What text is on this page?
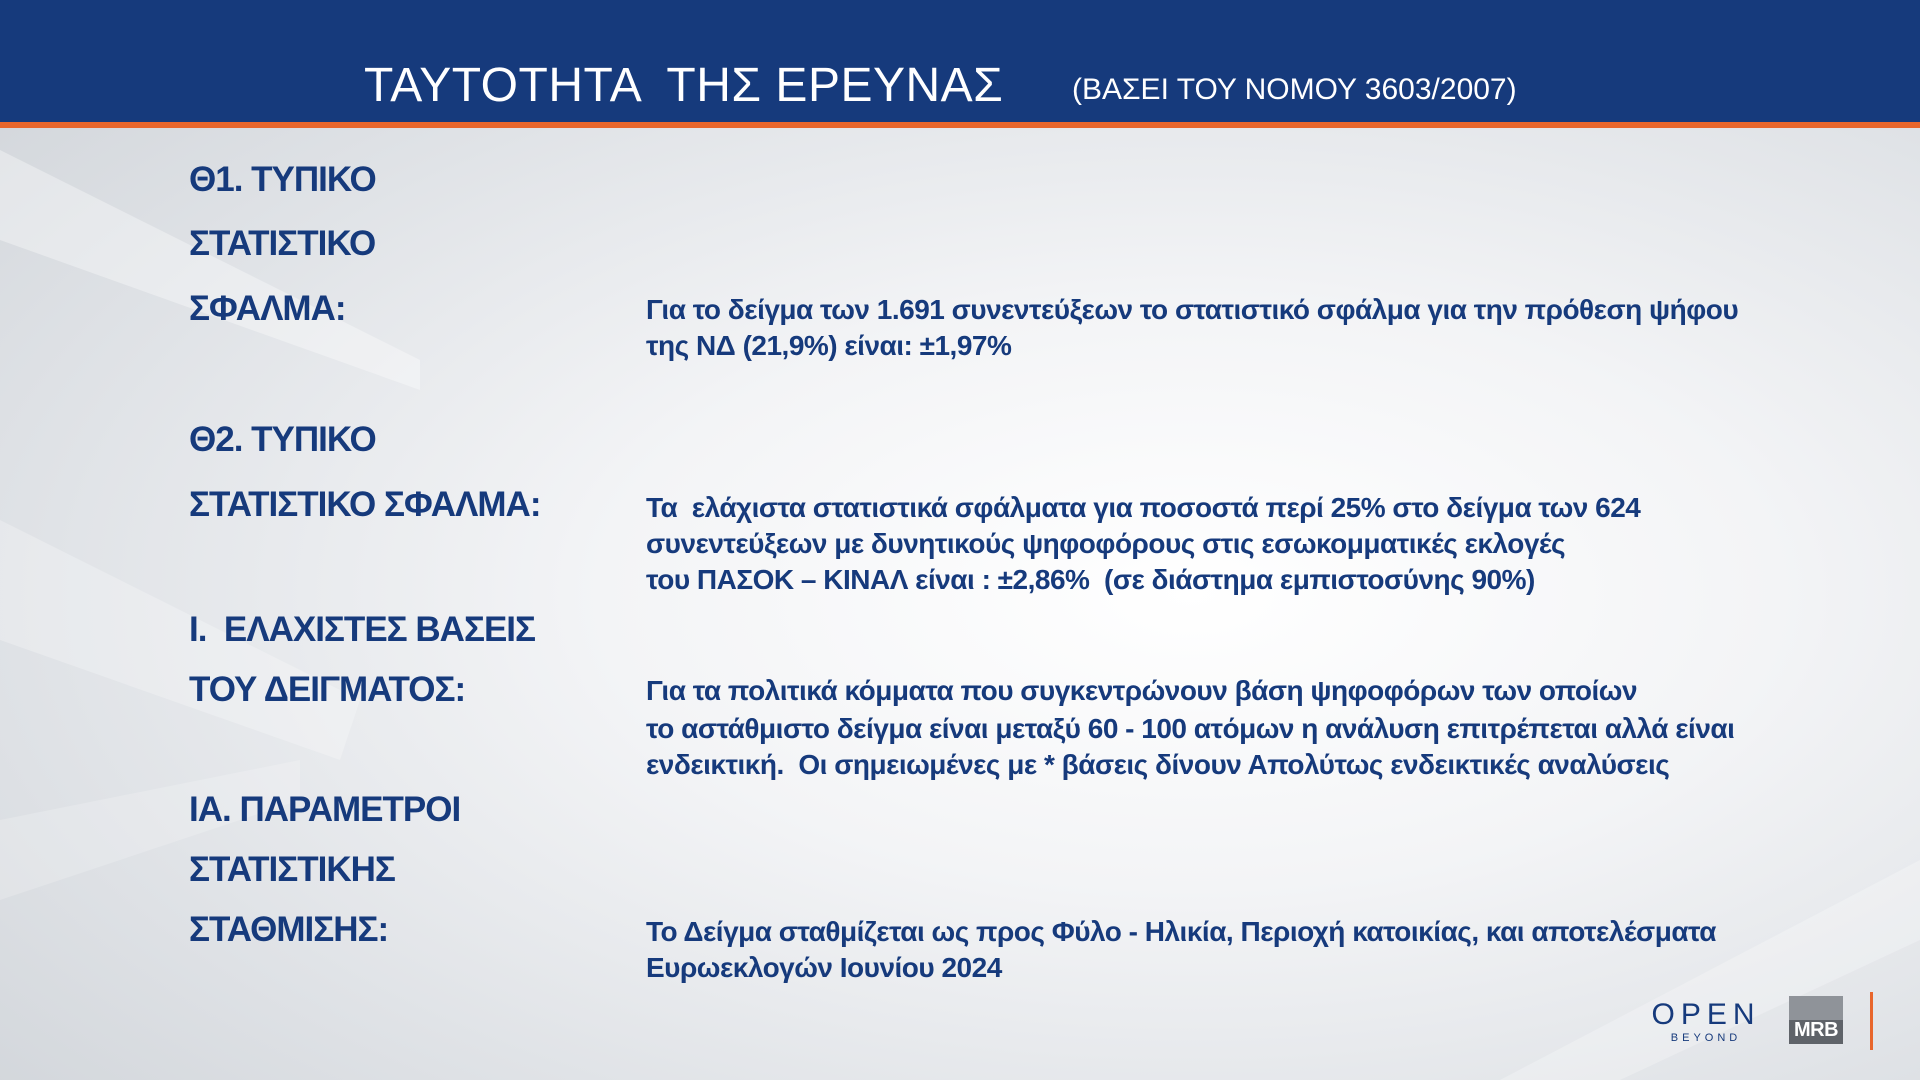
ΤΑΥΤΟΤΗΤΑ  ΤΗΣ ΕΡΕΥΝΑΣ (ΒΑΣΕΙ ΤΟΥ ΝΟΜΟΥ 3603/2007)
Θ1. ΤΥΠΙΚΟ
ΣΤΑΤΙΣΤΙΚΟ
ΣΦΑΛΜΑ:	Για το δείγμα των 1.691 συνεντεύξεων το στατιστικό σφάλμα για την πρόθεση ψήφου
της ΝΔ (21,9%) είναι: ±1,97%
Θ2. ΤΥΠΙΚΟ
ΣΤΑΤΙΣΤΙΚΟ ΣΦΑΛΜΑ:	Τα  ελάχιστα στατιστικά σφάλματα για ποσοστά περί 25% στο δείγμα των 624
συνεντεύξεων με δυνητικούς ψηφοφόρους στις εσωκομματικές εκλογές
του ΠΑΣΟΚ – ΚΙΝΑΛ είναι : ±2,86%  (σε διάστημα εμπιστοσύνης 90%)
Ι.  ΕΛΑΧΙΣΤΕΣ ΒΑΣΕΙΣ
ΤΟΥ ΔΕΙΓΜΑΤΟΣ:	Για τα πολιτικά κόμματα που συγκεντρώνουν βάση ψηφοφόρων των οποίων
το αστάθμιστο δείγμα είναι μεταξύ 60 - 100 ατόμων η ανάλυση επιτρέπεται αλλά είναι
ενδεικτική.  Οι σημειωμένες με * βάσεις δίνουν Απολύτως ενδεικτικές αναλύσεις
ΙΑ. ΠΑΡΑΜΕΤΡΟΙ
ΣΤΑΤΙΣΤΙΚΗΣ
ΣΤΑΘΜΙΣΗΣ:	Το Δείγμα σταθμίζεται ως προς Φύλο - Ηλικία, Περιοχή κατοικίας, και αποτελέσματα
Ευρωεκλογών Ιουνίου 2024
OPEN
BEYOND	MRB
